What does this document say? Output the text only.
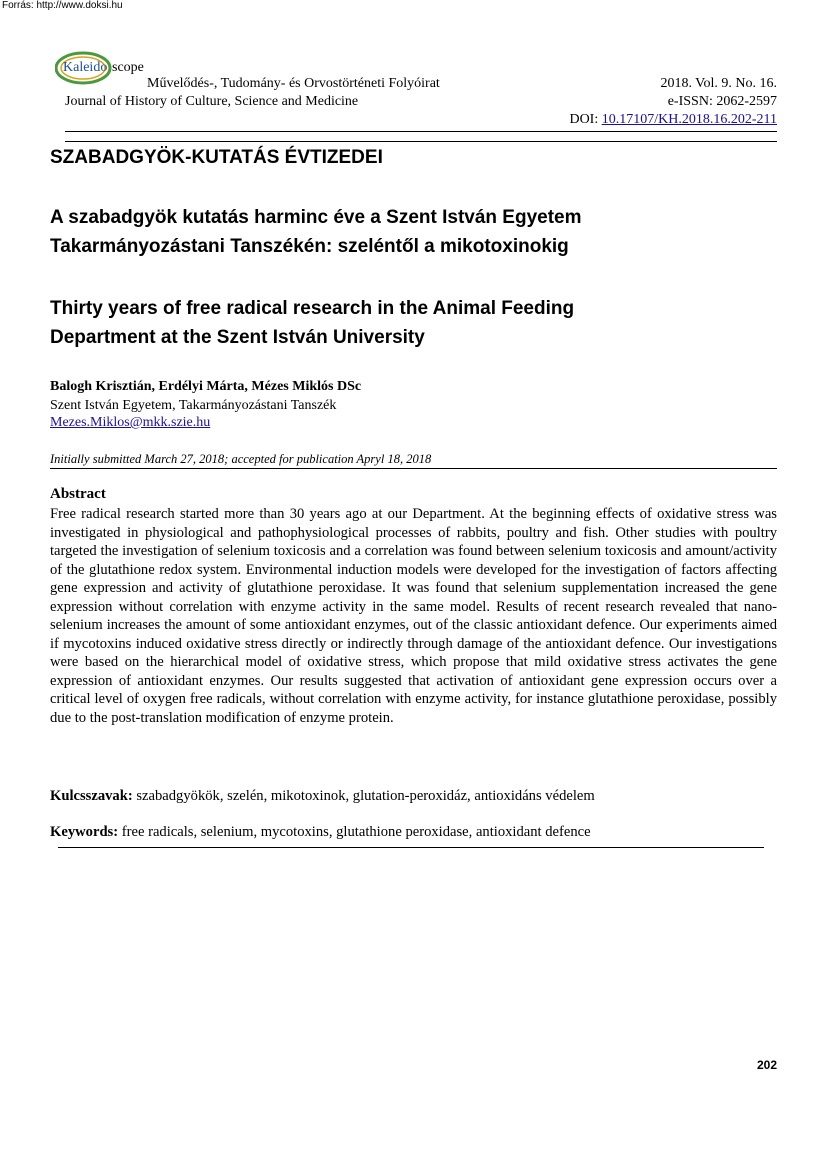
Forrás: http://www.doksi.hu
Kaleido scope
Művelődés-, Tudomány- és Orvostörténeti Folyóirat
Journal of History of Culture, Science and Medicine
2018. Vol. 9. No. 16.
e-ISSN: 2062-2597
DOI: 10.17107/KH.2018.16.202-211
SZABADGYÖK-KUTATÁS ÉVTIZEDEI
A szabadgyök kutatás harminc éve a Szent István Egyetem
Takarmányozástani Tanszékén: szeléntől a mikotoxinokig
Thirty years of free radical research in the Animal Feeding
Department at the Szent István University
Balogh Krisztián, Erdélyi Márta, Mézes Miklós DSc
Szent István Egyetem, Takarmányozástani Tanszék
Mezes.Miklos@mkk.szie.hu
Initially submitted March 27, 2018; accepted for publication Apryl 18, 2018
Abstract

Free radical research started more than 30 years ago at our Department. At the beginning effects of oxidative stress was investigated in physiological and pathophysiological processes of rabbits, poultry and fish. Other studies with poultry targeted the investigation of selenium toxicosis and a correlation was found between selenium toxicosis and amount/activity of the glutathione redox system. Environmental induction models were developed for the investigation of factors affecting gene expression and activity of glutathione peroxidase. It was found that selenium supplementation increased the gene expression without correlation with enzyme activity in the same model. Results of recent research revealed that nano-selenium increases the amount of some antioxidant enzymes, out of the classic antioxidant defence. Our experiments aimed if mycotoxins induced oxidative stress directly or indirectly through damage of the antioxidant defence. Our investigations were based on the hierarchical model of oxidative stress, which propose that mild oxidative stress activates the gene expression of antioxidant enzymes. Our results suggested that activation of antioxidant gene expression occurs over a critical level of oxygen free radicals, without correlation with enzyme activity, for instance glutathione peroxidase, possibly due to the post-translation modification of enzyme protein.

Kulcsszavak: szabadgyökök, szelén, mikotoxinok, glutation-peroxidáz, antioxidáns védelem
Keywords: free radicals, selenium, mycotoxins, glutathione peroxidase, antioxidant defence
202
